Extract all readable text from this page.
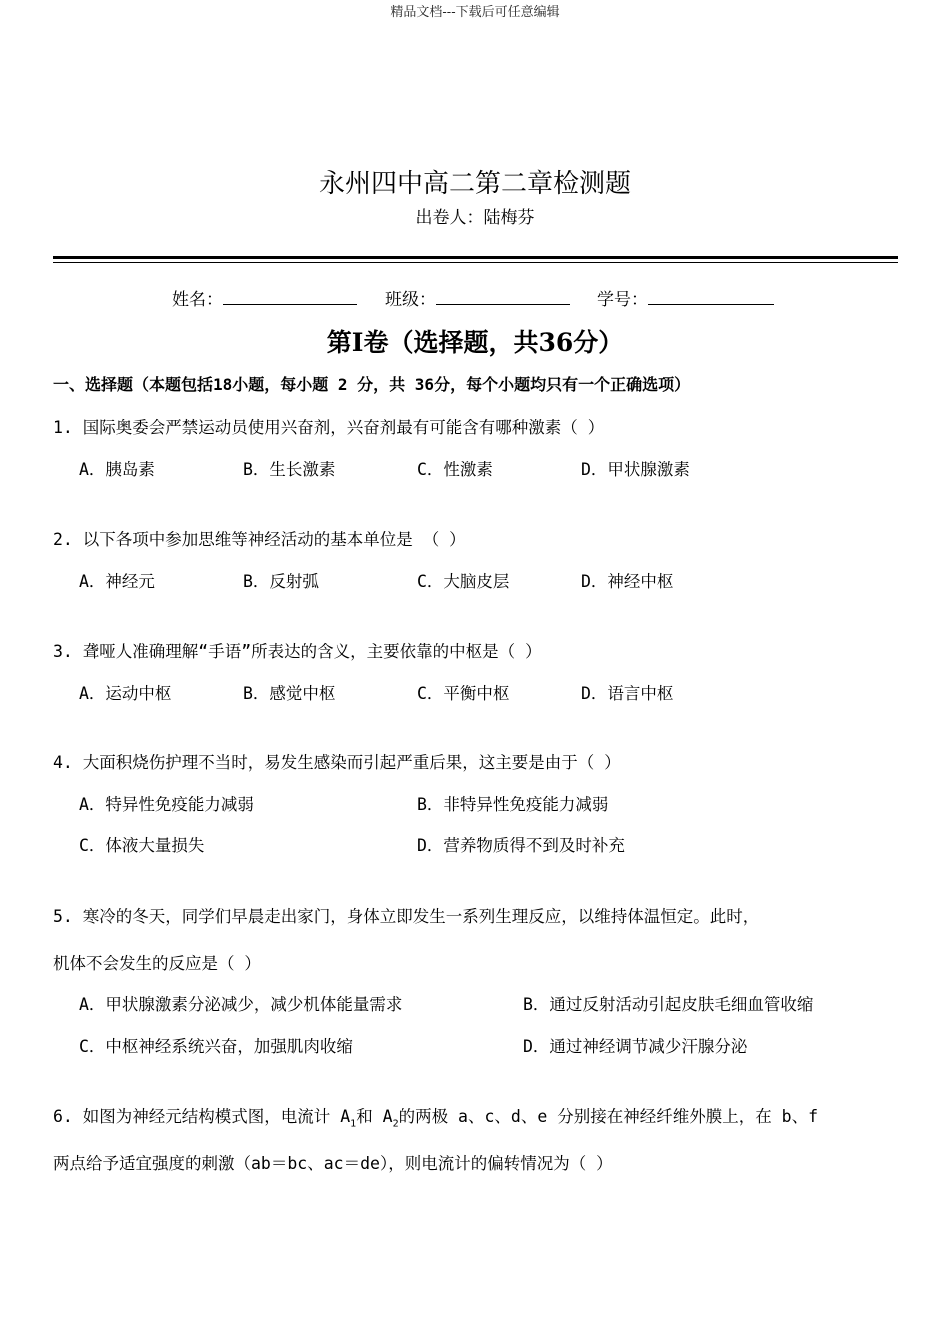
精品文档---下载后可任意编辑
永州四中高二第二章检测题
出卷人：陆梅芬
姓名：	班级：	学号：
第Ⅰ卷（选择题，共36分）
一、选择题（本题包括18小题，每小题 2 分，共 36分，每个小题均只有一个正确选项）
1. 国际奥委会严禁运动员使用兴奋剂，兴奋剂最有可能含有哪种激素（ ）
A．胰岛素	B．生长激素	C．性激素	D．甲状腺激素
2. 以下各项中参加思维等神经活动的基本单位是 （ ）
A．神经元	B．反射弧	C．大脑皮层	D．神经中枢
3. 聋哑人准确理解“手语”所表达的含义，主要依靠的中枢是（ ）
A．运动中枢	B．感觉中枢	C．平衡中枢	D．语言中枢
4. 大面积烧伤护理不当时，易发生感染而引起严重后果，这主要是由于（ ）
A．特异性免疫能力减弱	B．非特异性免疫能力减弱
C．体液大量损失	D．营养物质得不到及时补充
5. 寒冷的冬天，同学们早晨走出家门，身体立即发生一系列生理反应，以维持体温恒定。此时，
机体不会发生的反应是（ ）
A．甲状腺激素分泌减少，减少机体能量需求	B．通过反射活动引起皮肤毛细血管收缩
C．中枢神经系统兴奋，加强肌肉收缩	D．通过神经调节减少汗腺分泌
6. 如图为神经元结构模式图，电流计 $A_1$和 $A_2$的两极 a、c、d、e 分别接在神经纤维外膜上，在 b、f
两点给予适宜强度的刺激（ab＝bc、ac＝de），则电流计的偏转情况为（ ）
